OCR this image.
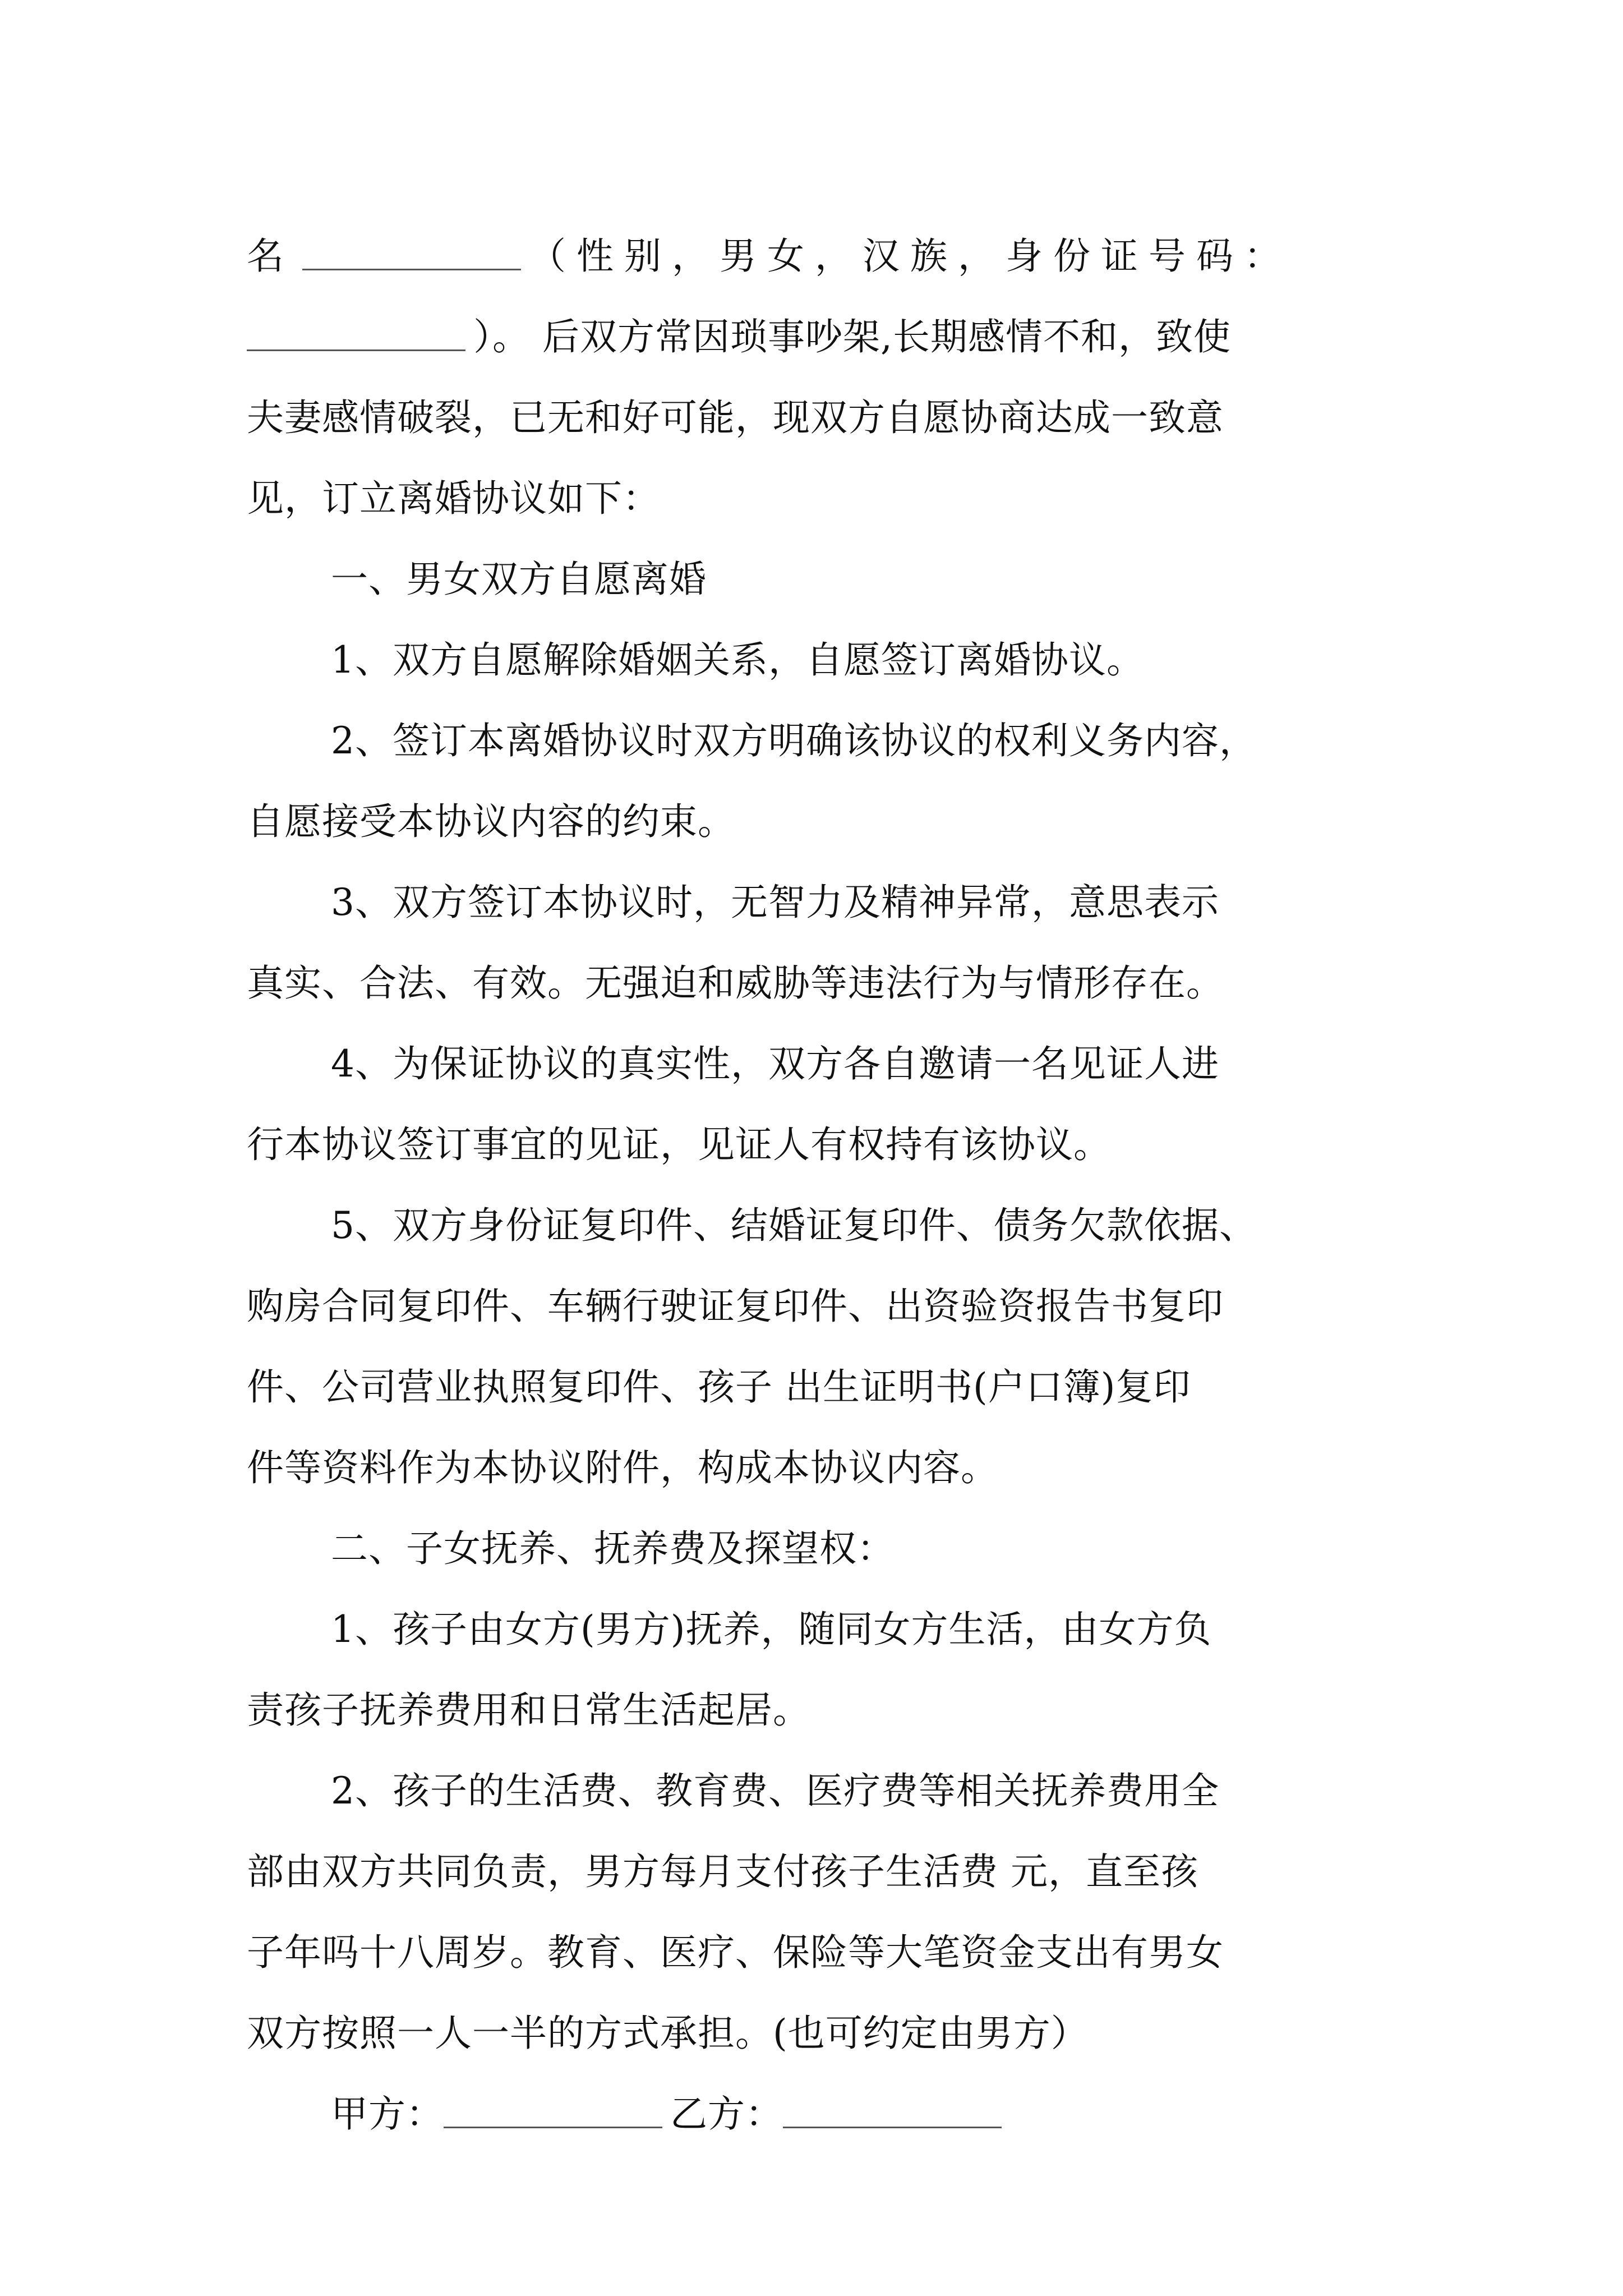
名	（性别，男女，汉族，身份证号码：
）。 后双方常因琐事吵架,长期感情不和，致使
夫妻感情破裂，已无和好可能，现双方自愿协商达成一致意
见，订立离婚协议如下：
一、男女双方自愿离婚
1、双方自愿解除婚姻关系，自愿签订离婚协议。
2、签订本离婚协议时双方明确该协议的权利义务内容，
自愿接受本协议内容的约束。
3、双方签订本协议时，无智力及精神异常，意思表示
真实、合法、有效。无强迫和威胁等违法行为与情形存在。
4、为保证协议的真实性，双方各自邀请一名见证人进
行本协议签订事宜的见证，见证人有权持有该协议。
5、双方身份证复印件、结婚证复印件、债务欠款依据、
购房合同复印件、车辆行驶证复印件、出资验资报告书复印
件、公司营业执照复印件、孩子 出生证明书(户口簿)复印
件等资料作为本协议附件，构成本协议内容。
二、子女抚养、抚养费及探望权：
1、孩子由女方(男方)抚养，随同女方生活，由女方负
责孩子抚养费用和日常生活起居。
2、孩子的生活费、教育费、医疗费等相关抚养费用全
部由双方共同负责，男方每月支付孩子生活费 元，直至孩
子年吗十八周岁。教育、医疗、保险等大笔资金支出有男女
双方按照一人一半的方式承担。(也可约定由男方）
甲方：	乙方：
